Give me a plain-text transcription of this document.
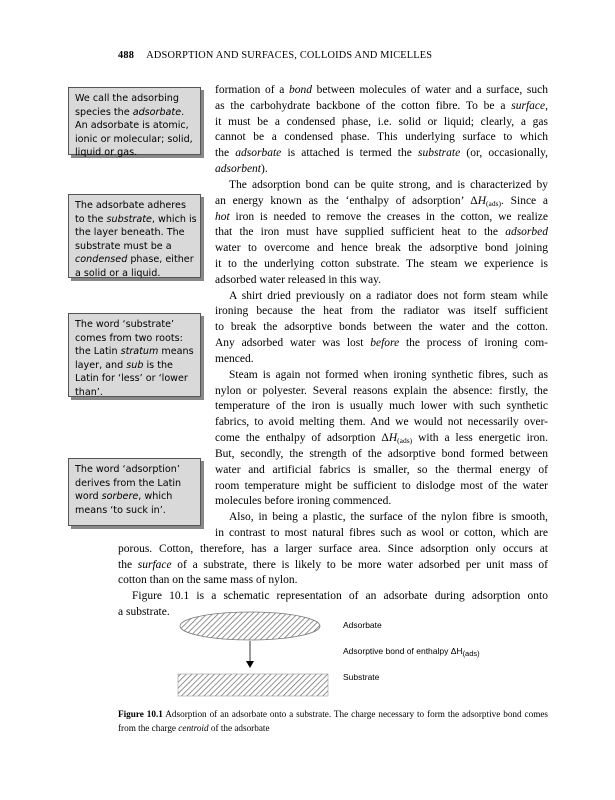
488 ADSORPTION AND SURFACES, COLLOIDS AND MICELLES
We call the adsorbing species the adsorbate. An adsorbate is atomic, ionic or molecular; solid, liquid or gas.
The adsorbate adheres to the substrate, which is the layer beneath. The substrate must be a condensed phase, either a solid or a liquid.
The word ‘substrate’ comes from two roots: the Latin stratum means layer, and sub is the Latin for ‘less’ or ‘lower than’.
The word ‘adsorption’ derives from the Latin word sorbere, which means ‘to suck in’.
formation of a bond between molecules of water and a surface, such
as the carbohydrate backbone of the cotton fibre. To be a surface,
it must be a condensed phase, i.e. solid or liquid; clearly, a gas
cannot be a condensed phase. This underlying surface to which
the adsorbate is attached is termed the substrate (or, occasionally,
adsorbent).
The adsorption bond can be quite strong, and is characterized by
an energy known as the ‘enthalpy of adsorption’ $\Delta H_{(ads)}$. Since a
hot iron is needed to remove the creases in the cotton, we realize
that the iron must have supplied sufficient heat to the adsorbed
water to overcome and hence break the adsorptive bond joining
it to the underlying cotton substrate. The steam we experience is
adsorbed water released in this way.
A shirt dried previously on a radiator does not form steam while
ironing because the heat from the radiator was itself sufficient
to break the adsorptive bonds between the water and the cotton.
Any adsorbed water was lost before the process of ironing com-
menced.
Steam is again not formed when ironing synthetic fibres, such as
nylon or polyester. Several reasons explain the absence: firstly, the
temperature of the iron is usually much lower with such synthetic
fabrics, to avoid melting them. And we would not necessarily over-
come the enthalpy of adsorption $\Delta H_{(ads)}$ with a less energetic iron.
But, secondly, the strength of the adsorptive bond formed between
water and artificial fabrics is smaller, so the thermal energy of
room temperature might be sufficient to dislodge most of the water
molecules before ironing commenced.
Also, in being a plastic, the surface of the nylon fibre is smooth,
in contrast to most natural fibres such as wool or cotton, which are
porous. Cotton, therefore, has a larger surface area. Since adsorption only occurs at
the surface of a substrate, there is likely to be more water adsorbed per unit mass of
cotton than on the same mass of nylon.
Figure 10.1 is a schematic representation of an adsorbate during adsorption onto
a substrate.
Adsorbate
Adsorptive bond of enthalpy $\Delta H_{(ads)}$
Substrate
Figure 10.1 Adsorption of an adsorbate onto a substrate. The charge necessary to form the adsorptive bond comes from the charge centroid of the adsorbate
